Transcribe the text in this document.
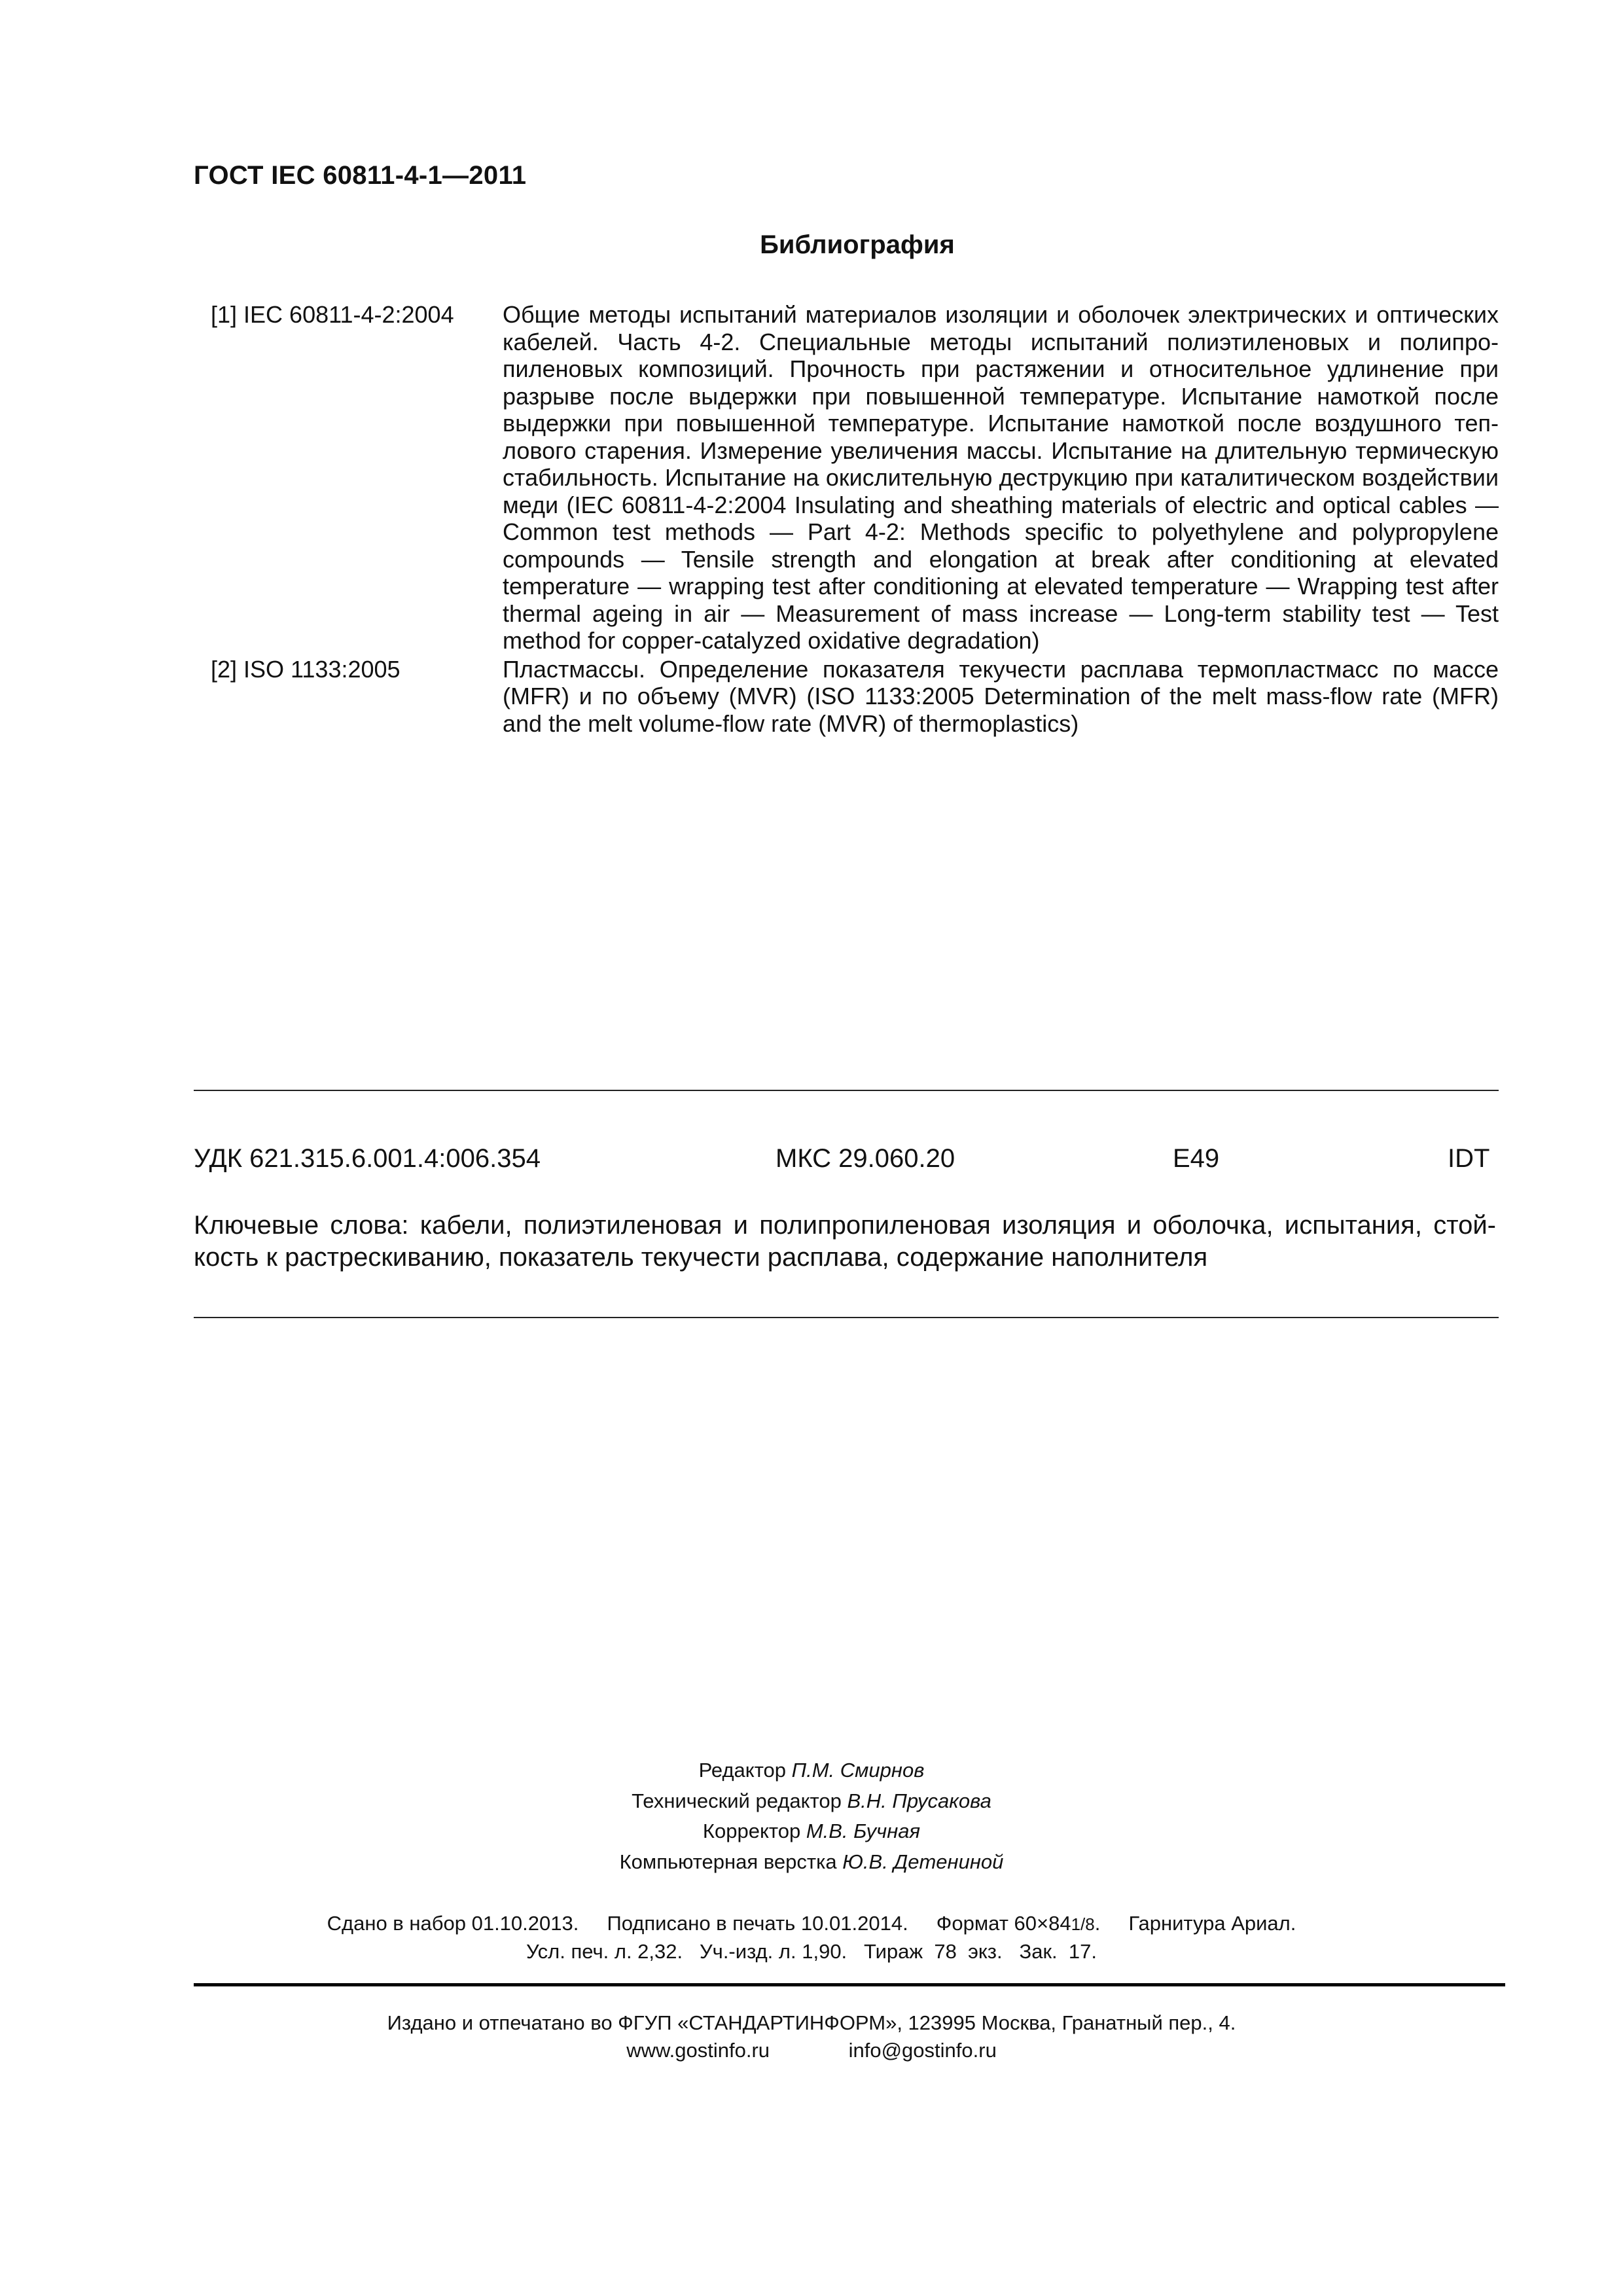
ГОСТ IEC 60811-4-1—2011
Библиография
[1] IEC 60811-4-2:2004 Общие методы испытаний материалов изоляции и оболочек электрических и оптических кабелей. Часть 4-2. Специальные методы испытаний полиэтиленовых и полипропиленовых композиций. Прочность при растяжении и относительное удлинение при разрыве после выдержки при повышенной температуре. Испытание намоткой после выдержки при повышенной температуре. Испытание намоткой после воздушного теплового старения. Измерение увеличения массы. Испытание на длительную термическую стабильность. Испытание на окислительную деструкцию при каталитическом воздействии меди (IEC 60811-4-2:2004 Insulating and sheathing materials of electric and optical cables — Common test methods — Part 4-2: Methods specific to polyethylene and polypropylene compounds — Tensile strength and elongation at break after conditioning at elevated temperature — wrapping test after conditioning at elevated temperature — Wrapping test after thermal ageing in air — Measurement of mass increase — Long-term stability test — Test method for copper-catalyzed oxidative degradation)
[2] ISO 1133:2005	Пластмассы. Определение показателя текучести расплава термопластмасс по массе (MFR) и по объему (MVR) (ISO 1133:2005 Determination of the melt mass-flow rate (MFR) and the melt volume-flow rate (MVR) of thermoplastics)
УДК 621.315.6.001.4:006.354	МКС 29.060.20	E49	IDT
Ключевые слова: кабели, полиэтиленовая и полипропиленовая изоляция и оболочка, испытания, стойкость к растрескиванию, показатель текучести расплава, содержание наполнителя
Редактор П.М. Смирнов
Технический редактор В.Н. Прусакова
Корректор М.В. Бучная
Компьютерная верстка Ю.В. Дemениной
Сдано в набор 01.10.2013. Подписано в печать 10.01.2014. Формат 60×841/8.     Гарнитура Ариал.
Усл. печ. л. 2,32. Уч.-изд. л. 1,90. Тираж  78  экз. Зак.  17.
Издано и отпечатано во ФГУП «СТАНДАРТИНФОРМ», 123995 Москва, Гранатный пер., 4.
www.gostinfo.ru	info@gostinfo.ru
